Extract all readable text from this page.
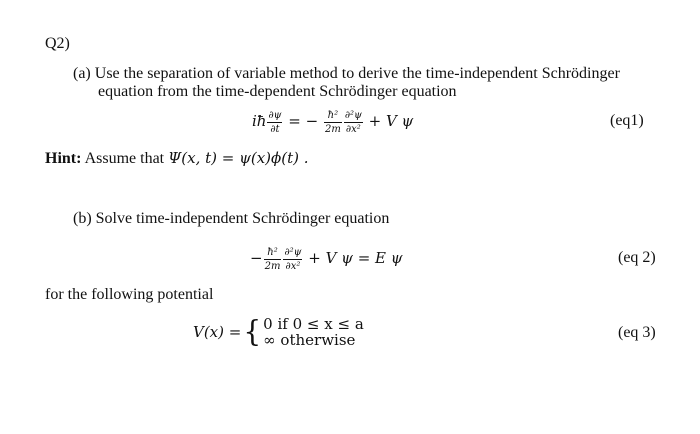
Q2)
(a) Use the separation of variable method to derive the time-independent Schrödinger
equation from the time-dependent Schrödinger equation
iħ $\frac{\partial\psi}{\partial t}$ = − $\frac{\text{ħ²}}{2m} \frac{\text{∂²ψ}}{\text{∂x²}} + V$ ψ	(eq1)
Hint: Assume that Ψ(x, t) = ψ(x)ϕ(t) .
(b) Solve time-independent Schrödinger equation
− $\frac{\text{ħ²}}{2m} \frac{\text{∂²ψ}}{\text{∂x²}} + V$ ψ = E ψ	(eq 2)
for the following potential
V(x) ={ 0 if 0 ≤ x ≤ a
∞ otherwise	(eq 3)
